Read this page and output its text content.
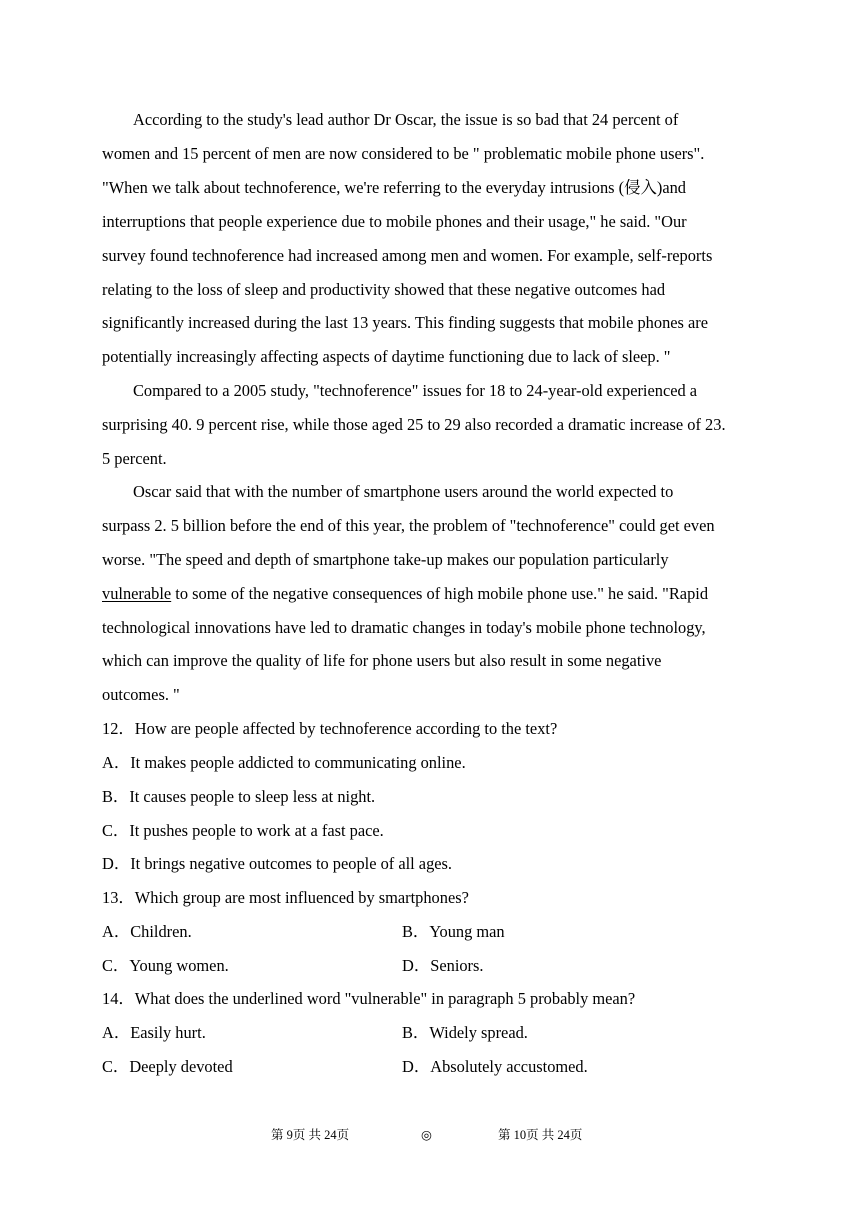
According to the study's lead author Dr Oscar, the issue is so bad that 24 percent of
women and 15 percent of men are now considered to be " problematic mobile phone users".
"When we talk about technoference, we're referring to the everyday intrusions (侵入)and
interruptions that people experience due to mobile phones and their usage," he said. "Our
survey found technoference had increased among men and women. For example, self-reports
relating to the loss of sleep and productivity showed that these negative outcomes had
significantly increased during the last 13 years. This finding suggests that mobile phones are
potentially increasingly affecting aspects of daytime functioning due to lack of sleep. "
Compared to a 2005 study, "technoference" issues for 18 to 24-year-old experienced a
surprising 40. 9 percent rise, while those aged 25 to 29 also recorded a dramatic increase of 23.
5 percent.
Oscar said that with the number of smartphone users around the world expected to
surpass 2. 5 billion before the end of this year, the problem of "technoference" could get even
worse. "The speed and depth of smartphone take-up makes our population particularly
vulnerable to some of the negative consequences of high mobile phone use." he said. "Rapid
technological innovations have led to dramatic changes in today's mobile phone technology,
which can improve the quality of life for phone users but also result in some negative
outcomes. "
12．How are people affected by technoference according to the text?
A．It makes people addicted to communicating online.
B．It causes people to sleep less at night.
C．It pushes people to work at a fast pace.
D．It brings negative outcomes to people of all ages.
13．Which group are most influenced by smartphones?
A．Children.	B．Young man
C．Young women.	D．Seniors.
14．What does the underlined word "vulnerable" in paragraph 5 probably mean?
A．Easily hurt.	B．Widely spread.
C．Deeply devoted	D．Absolutely accustomed.
第 9页 共 24页	◎	第 10页 共 24页
